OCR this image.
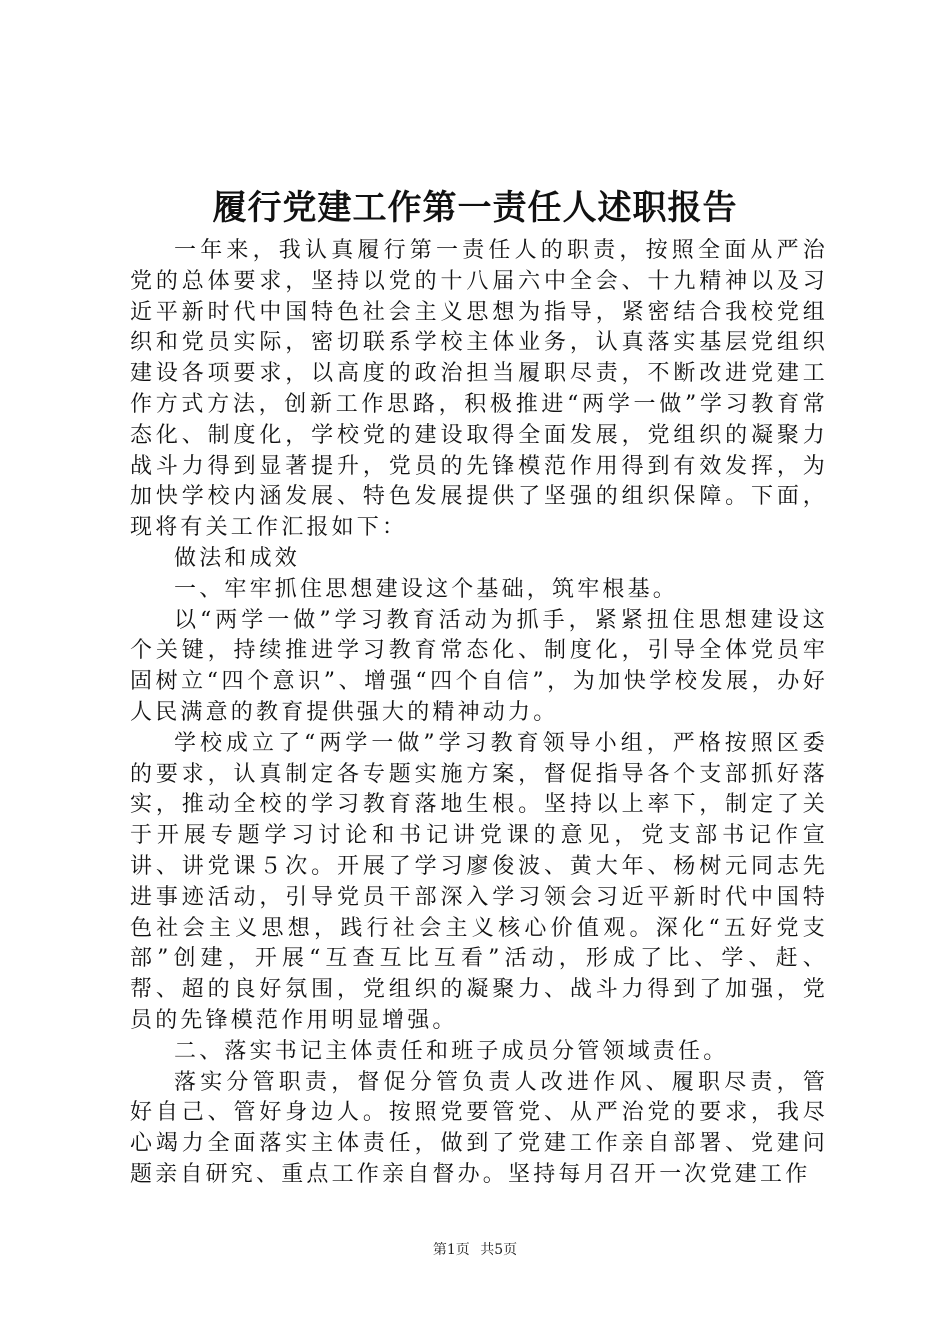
履行党建工作第一责任人述职报告

一年来，我认真履行第一责任人的职责，按照全面从严治党的总体要求，坚持以党的十八届六中全会、十九精神以及习近平新时代中国特色社会主义思想为指导，紧密结合我校党组织和党员实际，密切联系学校主体业务，认真落实基层党组织建设各项要求，以高度的政治担当履职尽责，不断改进党建工作方式方法，创新工作思路，积极推进“两学一做”学习教育常态化、制度化，学校党的建设取得全面发展，党组织的凝聚力战斗力得到显著提升，党员的先锋模范作用得到有效发挥，为加快学校内涵发展、特色发展提供了坚强的组织保障。下面，现将有关工作汇报如下：

做法和成效

一、牢牢抓住思想建设这个基础，筑牢根基。

以“两学一做”学习教育活动为抓手，紧紧扭住思想建设这个关键，持续推进学习教育常态化、制度化，引导全体党员牢固树立“四个意识”、增强“四个自信”，为加快学校发展，办好人民满意的教育提供强大的精神动力。

学校成立了“两学一做”学习教育领导小组，严格按照区委的要求，认真制定各专题实施方案，督促指导各个支部抓好落实，推动全校的学习教育落地生根。坚持以上率下，制定了关于开展专题学习讨论和书记讲党课的意见，党支部书记作宣讲、讲党课５次。开展了学习廖俊波、黄大年、杨树元同志先进事迹活动，引导党员干部深入学习领会习近平新时代中国特色社会主义思想，践行社会主义核心价值观。深化“五好党支部”创建，开展“互查互比互看”活动，形成了比、学、赶、帮、超的良好氛围，党组织的凝聚力、战斗力得到了加强，党员的先锋模范作用明显增强。

二、落实书记主体责任和班子成员分管领域责任。

落实分管职责，督促分管负责人改进作风、履职尽责，管好自己、管好身边人。按照党要管党、从严治党的要求，我尽心竭力全面落实主体责任，做到了党建工作亲自部署、党建问题亲自研究、重点工作亲自督办。坚持每月召开一次党建工作

第1页 共5页
